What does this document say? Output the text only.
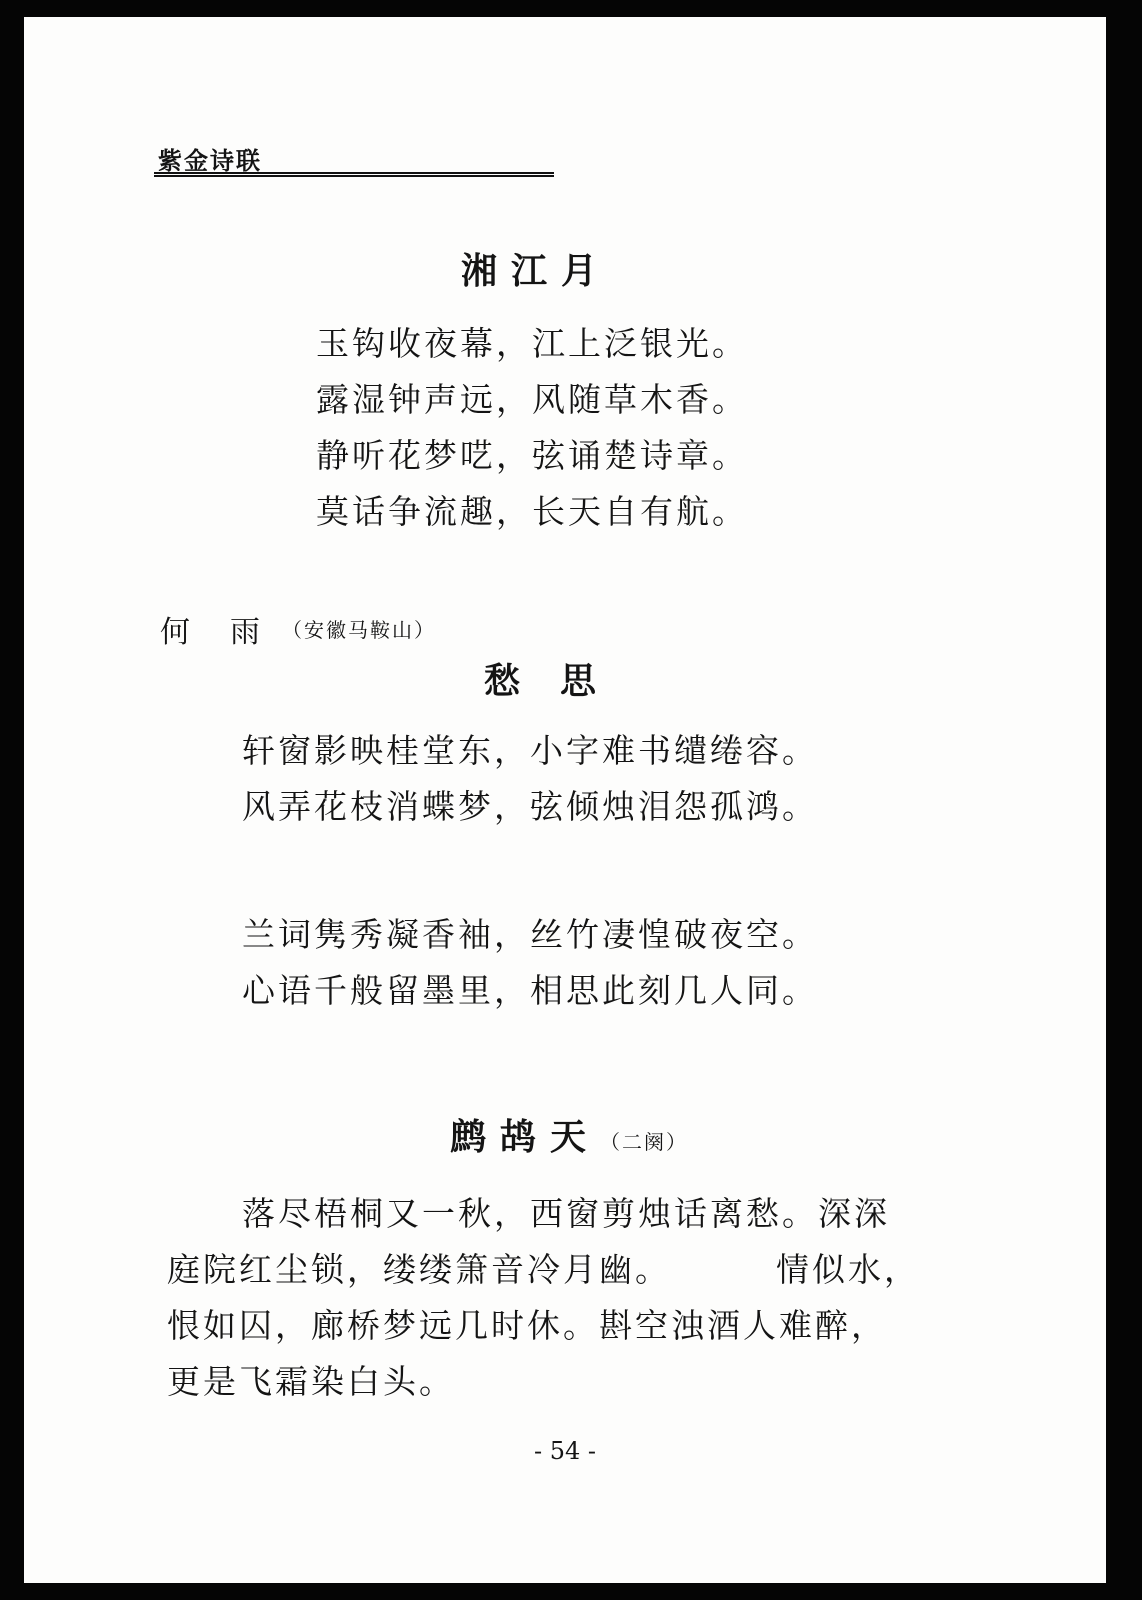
紫金诗联
湘江月
玉钩收夜幕，江上泛银光。
露湿钟声远，风随草木香。
静听花梦呓，弦诵楚诗章。
莫话争流趣，长天自有航。
何雨
（安徽马鞍山）
愁思
轩窗影映桂堂东，小字难书缱绻容。
风弄花枝消蝶梦，弦倾烛泪怨孤鸿。
兰词隽秀凝香袖，丝竹凄惶破夜空。
心语千般留墨里，相思此刻几人同。
鹧鸪天（二阕）
落尽梧桐又一秋，西窗剪烛话离愁。深深
庭院红尘锁，缕缕箫音冷月幽。	情似水，
恨如囚，廊桥梦远几时休。斟空浊酒人难醉，
更是飞霜染白头。
- 54 -
